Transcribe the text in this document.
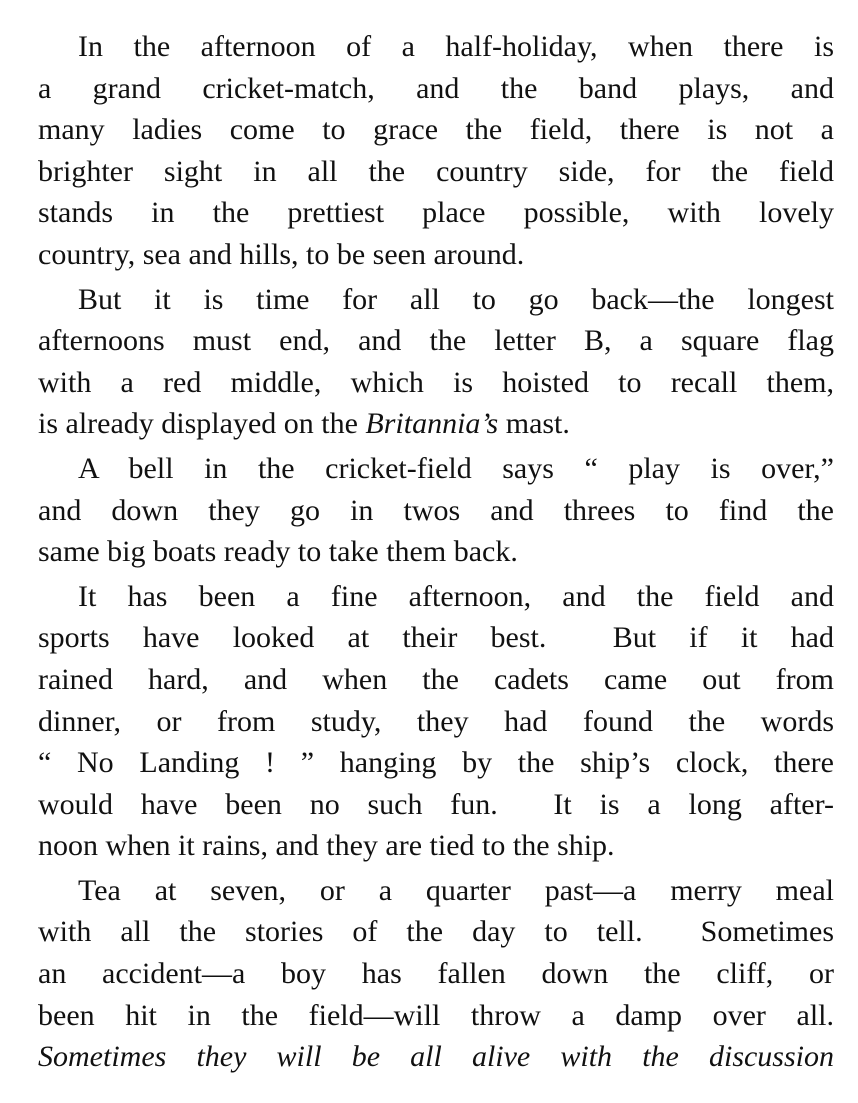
In the afternoon of a half-holiday, when there is
a grand cricket-match, and the band plays, and
many ladies come to grace the field, there is not a
brighter sight in all the country side, for the field
stands in the prettiest place possible, with lovely
country, sea and hills, to be seen around.
But it is time for all to go back—the longest
afternoons must end, and the letter B, a square flag
with a red middle, which is hoisted to recall them,
is already displayed on the Britannia’s mast.
A bell in the cricket-field says “ play is over,”
and down they go in twos and threes to find the
same big boats ready to take them back.
It has been a fine afternoon, and the field and
sports have looked at their best.  But if it had
rained hard, and when the cadets came out from
dinner, or from study, they had found the words
“ No Landing ! ” hanging by the ship’s clock, there
would have been no such fun.  It is a long after-
noon when it rains, and they are tied to the ship.
Tea at seven, or a quarter past—a merry meal
with all the stories of the day to tell.  Sometimes
an accident—a boy has fallen down the cliff, or
been hit in the field—will throw a damp over all.
Sometimes they will be all alive with the discussion
